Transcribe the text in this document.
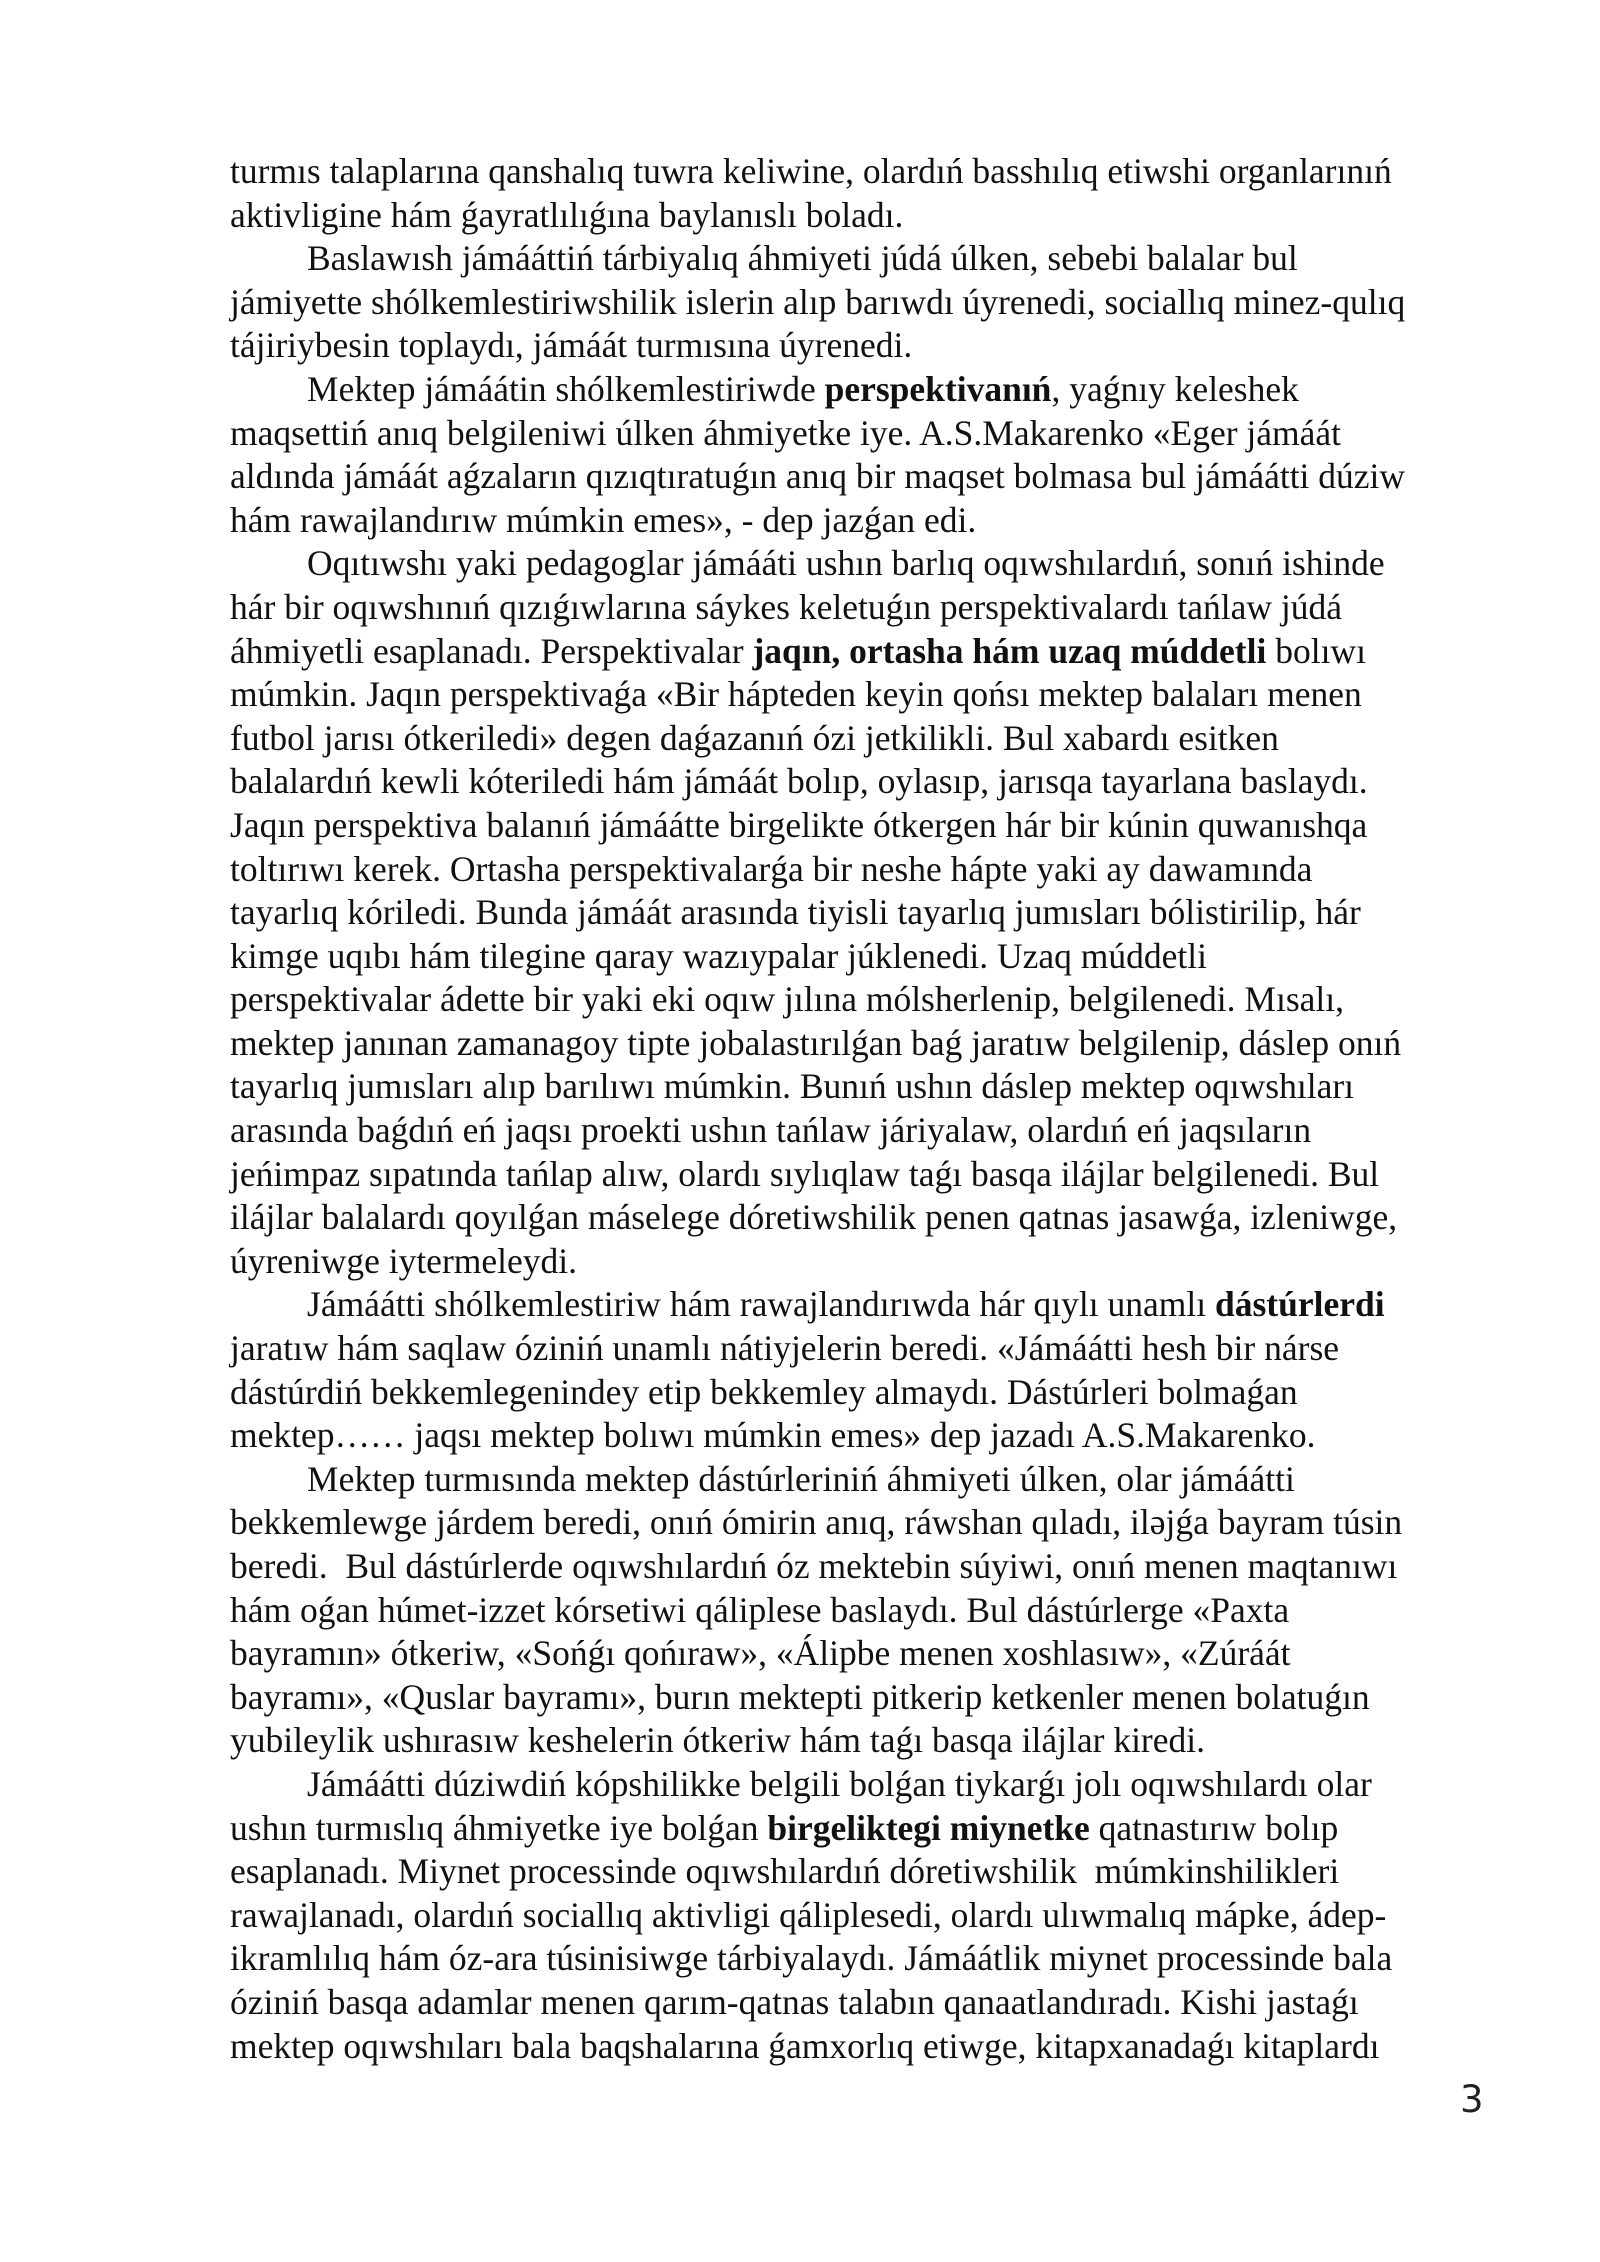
turmıs talaplarına qanshalıq tuwra keliwine, olardıń basshılıq etiwshi organlarınıń
aktivligine hám ǵayratlılıǵına baylanıslı boladı.

Baslawısh jámááttiń tárbiyalıq áhmiyeti júdá úlken, sebebi balalar bul
jámiyette shólkemlestiriwshilik islerin alıp barıwdı úyrenedi, sociallıq minez-qulıq
tájiriybesin toplaydı, jámáát turmısına úyrenedi.

Mektep jámáátin shólkemlestiriwde perspektivanıń, yaǵnıy keleshek
maqsettiń anıq belgileniwi úlken áhmiyetke iye. A.S.Makarenko «Eger jámáát
aldında jámáát aǵzaların qızıqtıratuǵın anıq bir maqset bolmasa bul jámáátti dúziw
hám rawajlandırıw múmkin emes», - dep jazǵan edi.

Oqıtıwshı yaki pedagoglar jámááti ushın barlıq oqıwshılardıń, sonıń ishinde
hár bir oqıwshınıń qızıǵıwlarına sáykes keletuǵın perspektivalardı tańlaw júdá
áhmiyetli esaplanadı. Perspektivalar jaqın, ortasha hám uzaq múddetli bolıwı
múmkin. Jaqın perspektivaǵa «Bir hápteden keyin qońsı mektep balaları menen
futbol jarısı ótkeriledi» degen daǵazanıń ózi jetkilikli. Bul xabardı esitken
balalardıń kewli kóteriledi hám jámáát bolıp, oylasıp, jarısqa tayarlana baslaydı.
Jaqın perspektiva balanıń jámáátte birgelikte ótkergen hár bir kúnin quwanıshqa
toltırıwı kerek. Ortasha perspektivalarǵa bir neshe hápte yaki ay dawamında
tayarlıq kóriledi. Bunda jámáát arasında tiyisli tayarlıq jumısları bólistirilip, hár
kimge uqıbı hám tilegine qaray wazıypalar júklenedi. Uzaq múddetli
perspektivalar ádette bir yaki eki oqıw jılına mólsherlenip, belgilenedi. Mısalı,
mektep janınan zamanagoy tipte jobalastırılǵan baǵ jaratıw belgilenip, dáslep onıń
tayarlıq jumısları alıp barılıwı múmkin. Bunıń ushın dáslep mektep oqıwshıları
arasında baǵdıń eń jaqsı proekti ushın tańlaw járiyalaw, olardıń eń jaqsıların
jeńimpaz sıpatında tańlap alıw, olardı sıylıqlaw taǵı basqa ilájlar belgilenedi. Bul
ilájlar balalardı qoyılǵan máselege dóretiwshilik penen qatnas jasawǵa, izleniwge,
úyreniwge iytermeleydi.

Jámáátti shólkemlestiriw hám rawajlandırıwda hár qıylı unamlı dástúrlerdi
jaratıw hám saqlaw óziniń unamlı nátiyjelerin beredi. «Jámáátti hesh bir nárse
dástúrdiń bekkemlegenindey etip bekkemley almaydı. Dástúrleri bolmaǵan
mektep…… jaqsı mektep bolıwı múmkin emes» dep jazadı A.S.Makarenko.

Mektep turmısında mektep dástúrleriniń áhmiyeti úlken, olar jámáátti
bekkemlewge járdem beredi, onıń ómirin anıq, ráwshan qıladı, iləjǵa bayram túsin
beredi.  Bul dástúrlerde oqıwshılardıń óz mektebin súyiwi, onıń menen maqtanıwı
hám oǵan húmet-izzet kórsetiwi qáliplese baslaydı. Bul dástúrlerge «Paxta
bayramın» ótkeriw, «Sońǵı qońıraw», «Álipbe menen xoshlasıw», «Zúráát
bayramı», «Quslar bayramı», burın mektepti pitkerip ketkenler menen bolatuǵın
yubileylik ushırasıw keshelerin ótkeriw hám taǵı basqa ilájlar kiredi.

Jámáátti dúziwdiń kópshilikke belgili bolǵan tiykarǵı jolı oqıwshılardı olar
ushın turmıslıq áhmiyetke iye bolǵan birgeliktegi miynetke qatnastırıw bolıp
esaplanadı. Miynet processinde oqıwshılardıń dóretiwshilik  múmkinshilikleri
rawajlanadı, olardıń sociallıq aktivligi qáliplesedi, olardı ulıwmalıq mápke, ádep-
ikramlılıq hám óz-ara túsinisiwge tárbiyalaydı. Jámáátlik miynet processinde bala
óziniń basqa adamlar menen qarım-qatnas talabın qanaatlandıradı. Kishi jastaǵı
mektep oqıwshıları bala baqshalarına ǵamxorlıq etiwge, kitapxanadaǵı kitaplardı

3
